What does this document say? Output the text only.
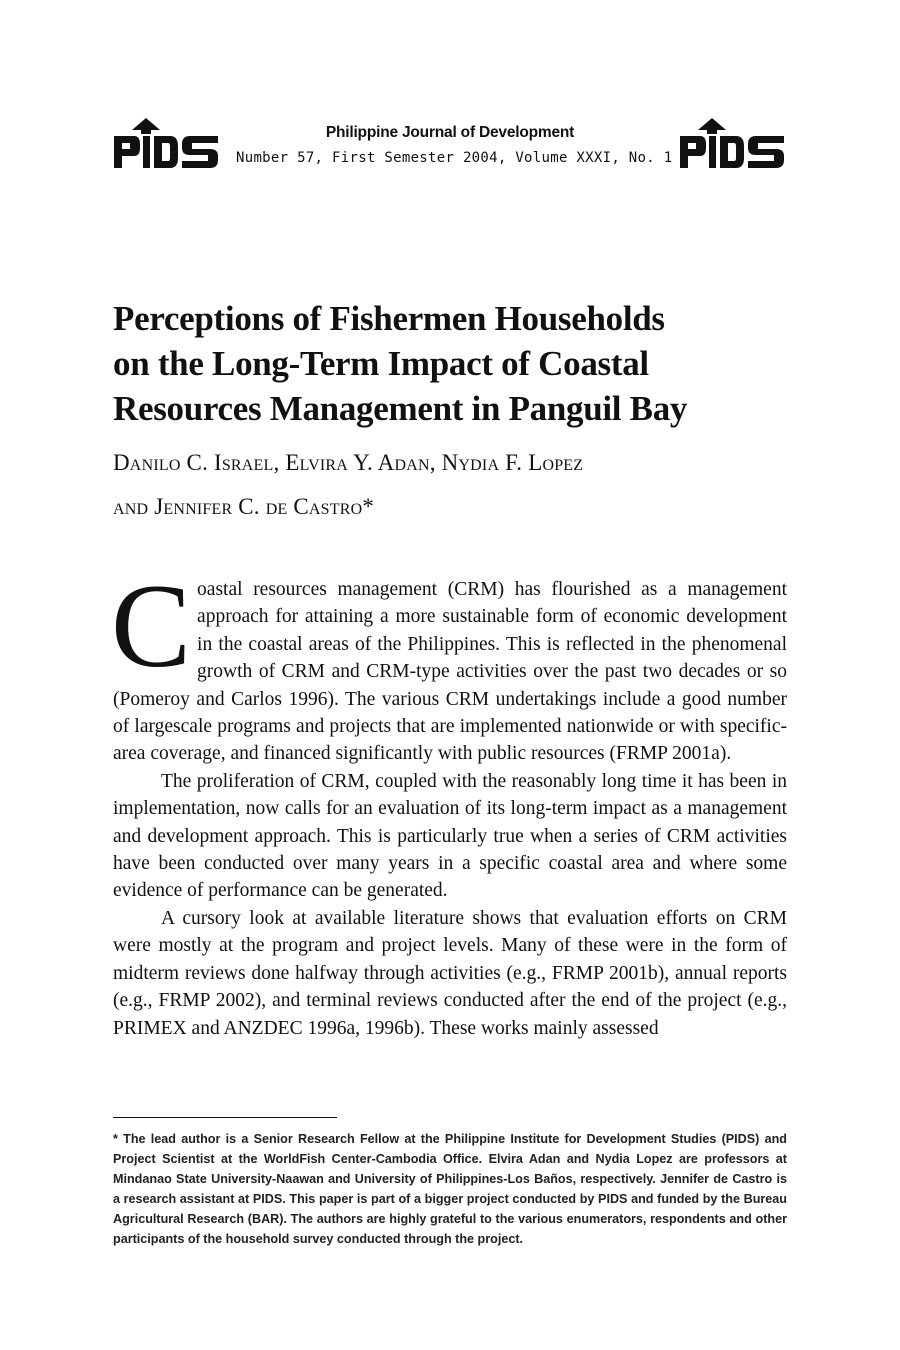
Philippine Journal of Development
Number 57, First Semester 2004, Volume XXXI, No. 1
Perceptions of Fishermen Households
on the Long-Term Impact of Coastal
Resources Management in Panguil Bay

Danilo C. Israel, Elvira Y. Adan, Nydia F. Lopez

and Jennifer C. de Castro*

Coastal resources management (CRM) has flourished as a management approach for attaining a more sustainable form of economic development in the coastal areas of the Philippines. This is reflected in the phenomenal growth of CRM and CRM-type activities over the past two decades or so (Pomeroy and Carlos 1996). The various CRM undertakings include a good number of largescale programs and projects that are implemented nationwide or with specific-area coverage, and financed significantly with public resources (FRMP 2001a).

The proliferation of CRM, coupled with the reasonably long time it has been in implementation, now calls for an evaluation of its long-term impact as a management and development approach. This is particularly true when a series of CRM activities have been conducted over many years in a specific coastal area and where some evidence of performance can be generated.

A cursory look at available literature shows that evaluation efforts on CRM were mostly at the program and project levels. Many of these were in the form of midterm reviews done halfway through activities (e.g., FRMP 2001b), annual reports (e.g., FRMP 2002), and terminal reviews conducted after the end of the project (e.g., PRIMEX and ANZDEC 1996a, 1996b). These works mainly assessed

* The lead author is a Senior Research Fellow at the Philippine Institute for Development Studies (PIDS) and Project Scientist at the WorldFish Center-Cambodia Office. Elvira Adan and Nydia Lopez are professors at Mindanao State University-Naawan and University of Philippines-Los Baños, respectively. Jennifer de Castro is a research assistant at PIDS. This paper is part of a bigger project conducted by PIDS and funded by the Bureau Agricultural Research (BAR). The authors are highly grateful to the various enumerators, respondents and other participants of the household survey conducted through the project.
